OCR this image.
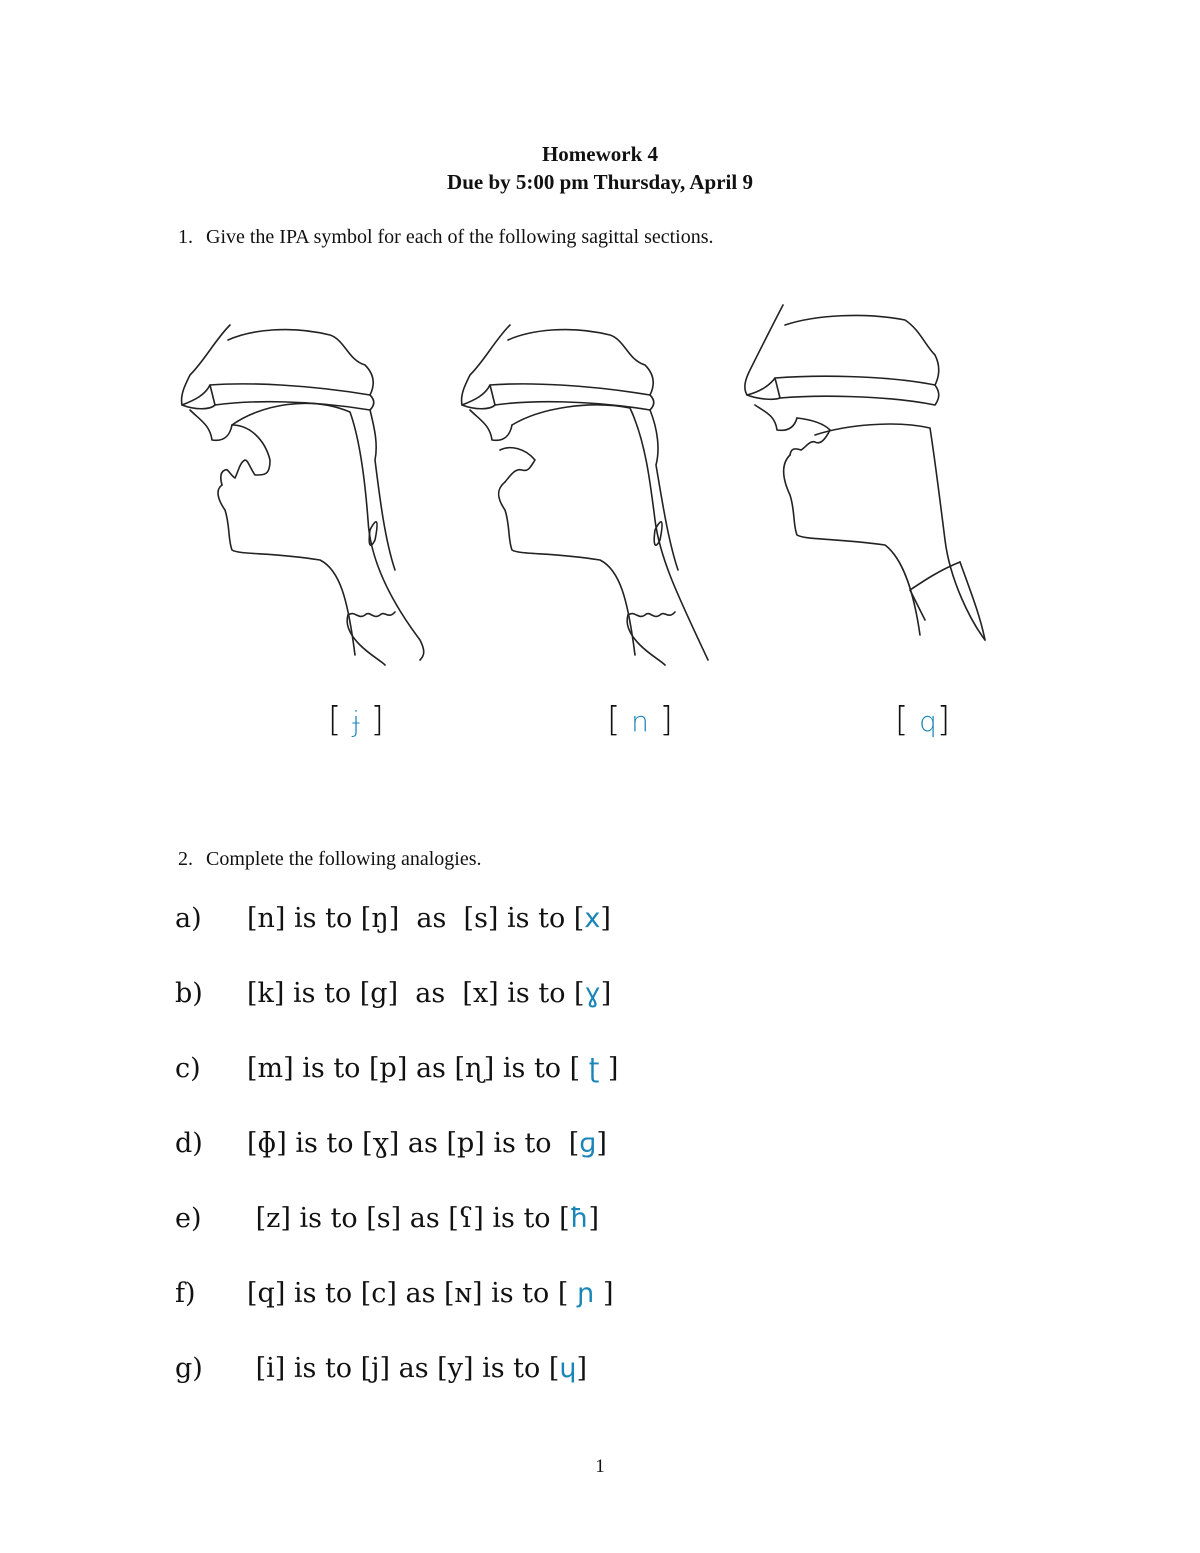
Homework 4
Due by 5:00 pm Thursday, April 9
1. Give the IPA symbol for each of the following sagittal sections.
[ ɉ ]	[ n ]	[ q]
2. Complete the following analogies.
a) [n] is to [ŋ]  as  [s] is to [x]
b) [k] is to [g]  as  [x] is to [ɣ]
c) [m] is to [p] as [ɳ] is to [ ʈ ]
d) [ɸ] is to [ɣ] as [p] is to  [ɡ]
e) [z] is to [s] as [ʕ] is to [ħ]
f) [q] is to [c] as [ɴ] is to [ ɲ ]
g) [i] is to [j] as [y] is to [ɥ]
1
